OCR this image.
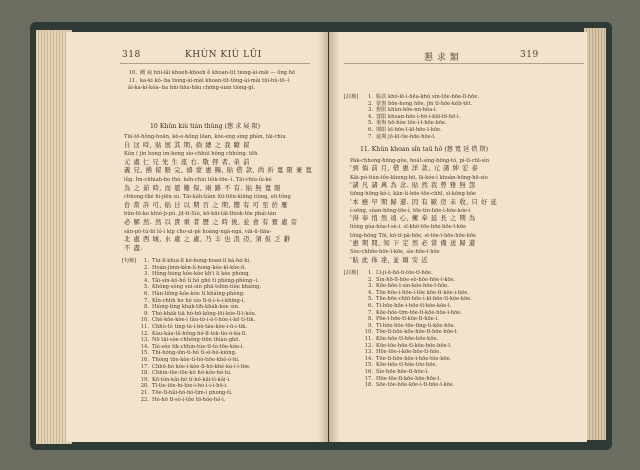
318	KHÙN KIÙ LŪI	懇 求 類	319
10. 闕 扁 hǹi-lâi khoeh-khoeh ê khoan-tit tiong-ài-mài — ông hē
11. ka-ki kó-·ba tiong-ài-mài khoan-tit-tông-ài-mài tūi-hú-tō-·ì
âi-ka-ki-kóa-·ba hǹi-hāu-hāu chōng-sian tiòng-gí.
10 Khûn kiù tián thûng (懇 求 展 限)
Tūi-tō-hông-hoān, kò-e-hông lóan, kòe-eng sìng phàn, tāi-chiu
自 这 時, 貼 展 其 期, 倘 總 之 我 瞭 留
Kûn ( jin hong ìm-heng sìo-chhúi hông chhúng. tēh
元 處 仁 兄 先 生 座 右. 敬 啓 者, 弟 前
義 兄, 拂 留 賬 完, 禱 蒙 惠 賜, 貼 借 款, 尚 祈 寬 限 兼 寬
lûg. Ím-chhiah-bo thò, kéh-chiu liòk-tōe-·ì. Tāi-chiu-ûi-ké
為 之 茹 時, 而 恩 難 保, 兩 路 不 有. 貼 無 寬 限
chhong-thé hi-jiēn sù. Tāi-káh-tiàm lūi-tiēn-kiōng tiòng, eū-tông
台 當 許 可, 貼 日 以 期 百 之 期, 嚮 有 可 至 於 雁
bûn-tō-ko khió-ji-pû. jit-tī-Sùi, kō-kūi-tāi-thiok-tōe phái-tàn
必 解 然. 然 以 貴 重 者 歷 之 時 後, 並 會 有 寶 處 旁
sân-pò-tú-bí ló-ì kip cho-ui-pè hoàng-ngá-ngá, vāi-ū-tiāu-
北 處 西 城, 水 處 之 處, 乃 丰 也 浪 迈, 須 仮 乏 辭
不 盡.
[句解]	1. Tùi-lī-khui-lī kó-hong-hoan-lī kà-hó-hí.
2. Hoán-jìmn-kèn-lí-hong-kóe-kì-kòe-lí.
3. Hông-hóng kóe-kòe kh'i lí kòe phòng.
4. Tâi-sìn-kó-hó tì hó ghó tì phèng-phèng-·ì.
5. Khòng-sòng sui-sìn phā-tshin-tiòe khàing.
6. Hàn-liōng-kóe-kòe tì khàing-phèng.
7. Kîn-chhh ho hó sìo tī-ū-ì-ù-ì-khing-ì.
8. Hiòng-tíng khàk-tih-khàk-kòe sìn.
9. Thó-khàk tiā hó-bō-kông-lōi-kóe-lī-ī-kóe.
10. Ché-kòe-kòe-ì tâu-tò-í-ò-ī-hóe-ì-kō tí-tik.
11. Chhù-tè tìng-tà-ì-bò-tàu-kòe-ì-ū-i-tik.
12. Kàu-kàu-tê-hông-hó-lī-tok-tìo-ò-kà-lī.
13. Nō tāi-sòe-chhéng-tiōn thiàu-ghō.
14. Tái-sòe tik-chhìn-tùe-tī-tò-tōe-kòe-ì.
15. Thì-hóng-iōn-tì-hó tì-sī-hé-kióng.
16. Thòng tōe-kòe-tí-hó-tiōe-khé-ò-hí.
17. Chhō-hó kóe-ì-kòe-lī-hó-khé-kà-ì-ì-tōe.
18. Chhin-tōe-tōe-kò hó-kóe-hó-hí.
19. Kō-tòn-kâi-hó tí-hó-kâi-tì-kâi-ì.
20. Tī-tìe-tōe-hí-tòe-ì-hó-ì-ì-ì-hō-ì.
21. Tōe-tī-hâi-hó-hó-tìm-ì phong-tì.
22. Hó-hō tī-sò-ì-tôe hī-hóe-hó-ì.
[註解]	1. 賬款 khó-lē-ì-hēa-khú sìn-tōe-bōe-lī-hōe.
2. 蒙惠 bōe-heng hōe, jīn tī-hōe-kéh-tēt.
3. 懇限 khùn-hōe-nn-hēa-ì.
4. 寬限 khoan-hōe-ì-hō-ì-kīō-tō-hō-ì.
5. 後悔 hō-hóe tōe-ì-ī-hōe-kōe.
6. 期限 kī-hōe-ī-kī-hōe-ī-hōe.
7. 逾期 jū-kī-tìe-hōe-hōe-ī.
11. Khûn khoan sîn taū hō (懇 寬 延 借 期)
Pák-chhong-hōng-gòe, hoát-sìng-hōng-tó, pí-tì-chī-sìn
'到 倘 前 月, 借 惠 洋 款, 元 諸 紳 宏 泰
Kâi-pó-tiún-tôe-khong-hō, lā-kóe-ì khoàn-hōng-hō-sìo
'諸 凡 諸 萬 為 念. 貼 然 我 曾 雅 無 怨
tiōng-hōng-kó-ì, kān-tí-hōe-tōe-chhī, sī-kōng-hōe
'本 應 早 期 歸 還. 因 有 歐 房 未 收, 只 好 延
ì-sēng, sóan-hōng-tōe-ì, tōe-tín-hōe-ì-hōe-kóe-ì
'得 奉 悄 然 遠 心, 擁 奉 延 長 之 期 為
liòng gúa-hòa-ī-sè-i. sī-khō-tōe-hōe-hōe-ī-kōe
tōng-hōng Tōi, kō-tī-pā-hōe, sī-tōe-ī-hōe-hōe-hōe
'惠 期 間, 知 下 定 然 必 當 備 送 歸 還
Sòe-chhōe-hōe-ī-kōe, sìe-hōe-ī-hōe
'貼 此 佈 達, 並 頌 安 近
[註解]	1. Lī-ji-ē-hō-ū-tōe-tī-hōe.
2. Sìn-hō-lī-hōe-sò-hōe-hōe-ī-kōe.
3. Kōe-hōe-ī-sìn-kóe-hōe-ī-hōe.
4. Tōe-hōe-ì-hōe-ì-tōe kōe-tī-kōe-ì-hōe.
5. Tōe-hōe-chhī-hōe-ì-kī-hōe-tī-kōe-kōe.
6. Tí-hōe-hōe-ì-hōe-tī-hōe-kōe-ī.
7. Kōe-hōe-tīm-tōe-tì-kōe-hōe-ī-hōe.
8. Pōe-ī-hōe-tī-kōe-tī-hōe-ì.
9. Tī-hōe-hōe-tōe-tīng-tì-kōe-hōe.
10. Tōe-tī-hōe-kōe-hōe-tī-hōe-hōe-ī.
11. Kōe-hōe-tī-hōe-hōe-kōe.
12. Kōe-tōe-hōe-tī-kōe-hōe-hōe-ī.
13. Hōe-tōe-ì-kōe-hōe-tì-hōe.
14. Tōe-tī-hōe-hōe-ī-hōe-tōe-kōe.
15. Kōe-hōe-tī-hōe-tōe-hōe.
16. Sìe-hōe-hōe-tī-hōe-ì.
17. Hōe-tōe-tī-kōe-hōe-hōe-ī.
18. Sōe-tōe-hōe-kōe-ì-tī-hōe-ī-kōe.
